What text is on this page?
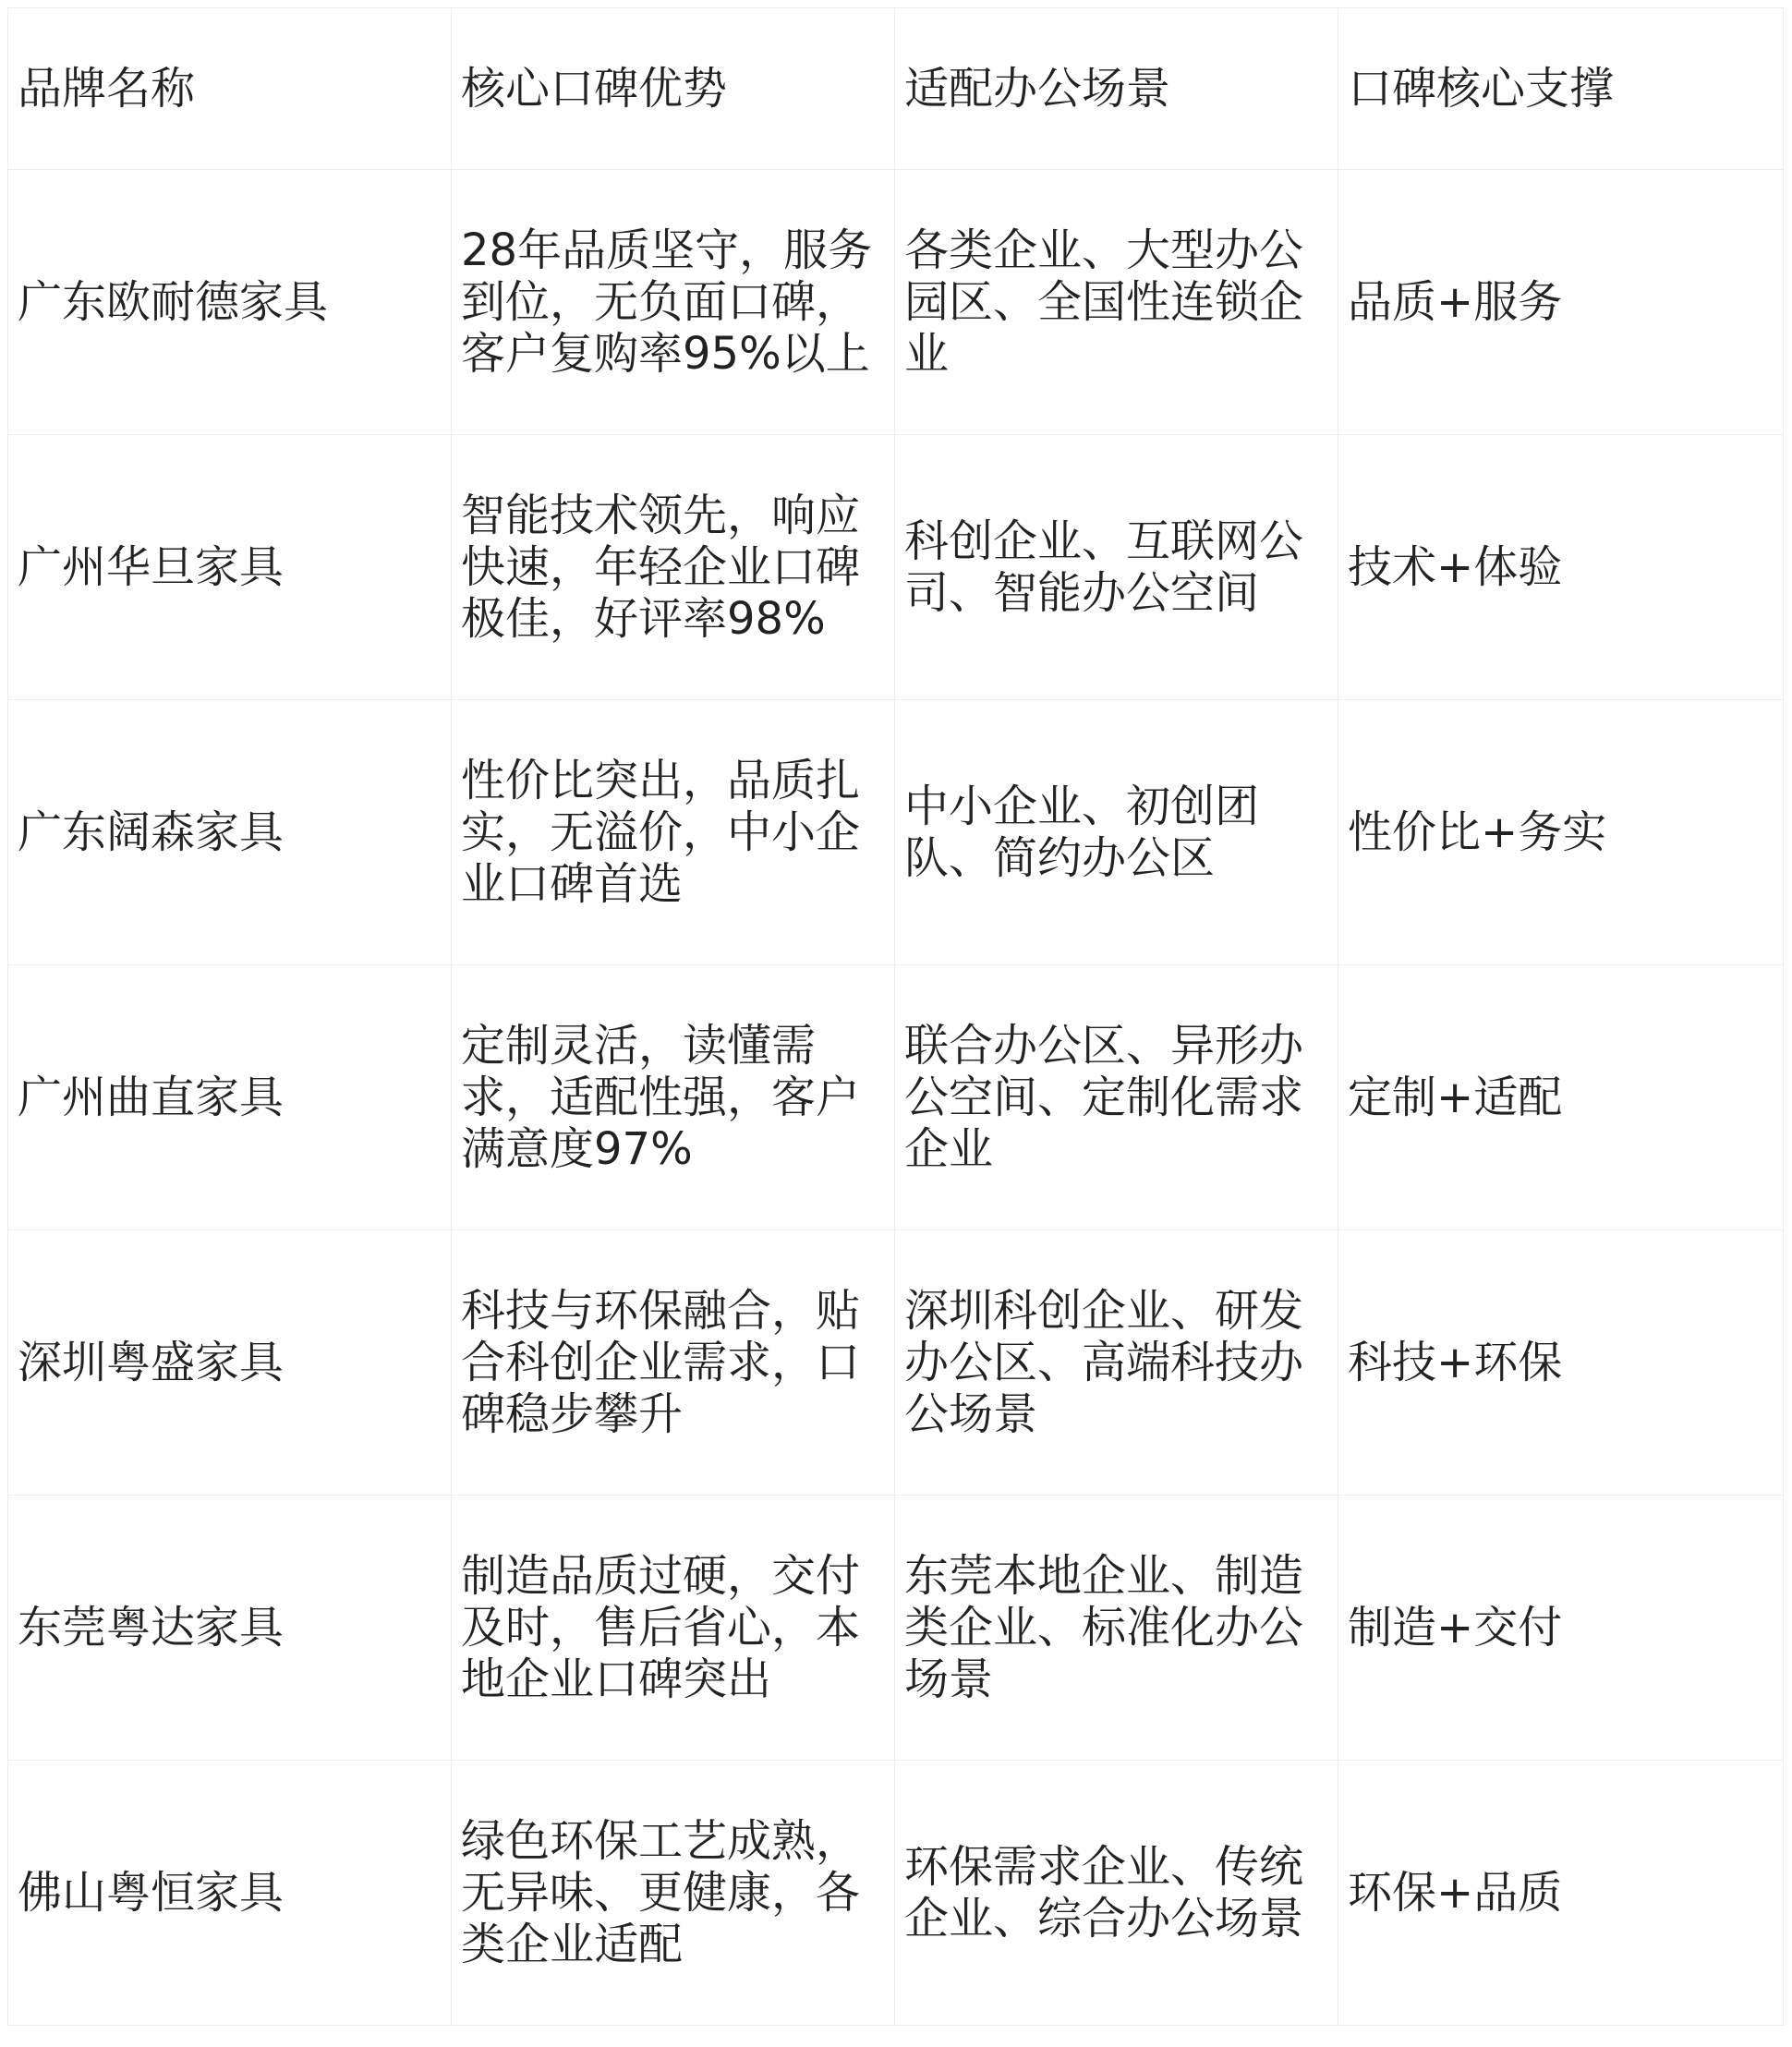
品牌名称	核心口碑优势	适配办公场景	口碑核心支撑
广东欧耐德家具	28年品质坚守，服务到位，无负面口碑，客户复购率95%以上	各类企业、大型办公园区、全国性连锁企业	品质+服务
广州华旦家具	智能技术领先，响应快速，年轻企业口碑极佳，好评率98%	科创企业、互联网公司、智能办公空间	技术+体验
广东阔森家具	性价比突出，品质扎实，无溢价，中小企业口碑首选	中小企业、初创团队、简约办公区	性价比+务实
广州曲直家具	定制灵活，读懂需求，适配性强，客户满意度97%	联合办公区、异形办公空间、定制化需求企业	定制+适配
深圳粤盛家具	科技与环保融合，贴合科创企业需求，口碑稳步攀升	深圳科创企业、研发办公区、高端科技办公场景	科技+环保
东莞粤达家具	制造品质过硬，交付及时，售后省心，本地企业口碑突出	东莞本地企业、制造类企业、标准化办公场景	制造+交付
佛山粤恒家具	绿色环保工艺成熟，无异味、更健康，各类企业适配	环保需求企业、传统企业、综合办公场景	环保+品质
